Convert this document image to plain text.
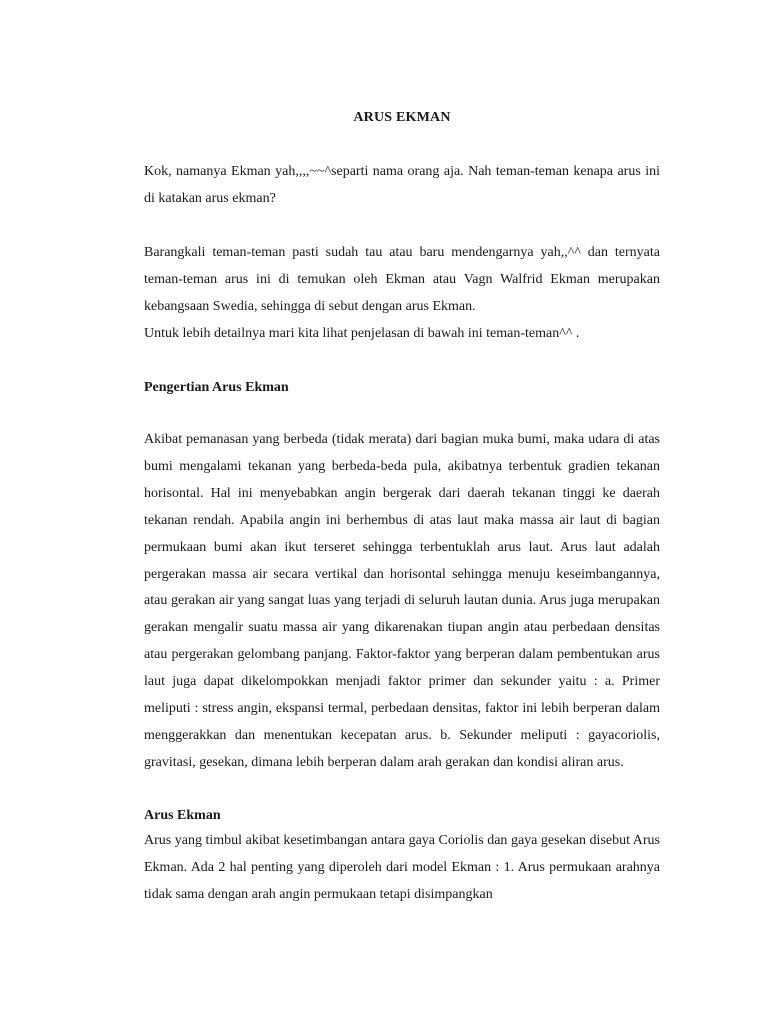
ARUS EKMAN

Kok, namanya Ekman yah,,,,~~^separti nama orang aja. Nah teman-teman kenapa arus ini di katakan arus ekman?

Barangkali teman-teman pasti sudah tau atau baru mendengarnya yah,,^^ dan ternyata teman-teman arus ini di temukan oleh Ekman atau Vagn Walfrid Ekman merupakan kebangsaan Swedia, sehingga di sebut dengan arus Ekman.

Untuk lebih detailnya mari kita lihat penjelasan di bawah ini teman-teman^^ .

Pengertian Arus Ekman

Akibat pemanasan yang berbeda (tidak merata) dari bagian muka bumi, maka udara di atas bumi mengalami tekanan yang berbeda-beda pula, akibatnya terbentuk gradien tekanan horisontal. Hal ini menyebabkan angin bergerak dari daerah tekanan tinggi ke daerah tekanan rendah. Apabila angin ini berhembus di atas laut maka massa air laut di bagian permukaan bumi akan ikut terseret sehingga terbentuklah arus laut. Arus laut adalah pergerakan massa air secara vertikal dan horisontal sehingga menuju keseimbangannya, atau gerakan air yang sangat luas yang terjadi di seluruh lautan dunia. Arus juga merupakan gerakan mengalir suatu massa air yang dikarenakan tiupan angin atau perbedaan densitas atau pergerakan gelombang panjang. Faktor-faktor yang berperan dalam pembentukan arus laut juga dapat dikelompokkan menjadi faktor primer dan sekunder yaitu : a. Primer meliputi : stress angin, ekspansi termal, perbedaan densitas, faktor ini lebih berperan dalam menggerakkan dan menentukan kecepatan arus. b. Sekunder meliputi : gayacoriolis, gravitasi, gesekan, dimana lebih berperan dalam arah gerakan dan kondisi aliran arus.

Arus Ekman

Arus yang timbul akibat kesetimbangan antara gaya Coriolis dan gaya gesekan disebut Arus Ekman. Ada 2 hal penting yang diperoleh dari model Ekman : 1. Arus permukaan arahnya tidak sama dengan arah angin permukaan tetapi disimpangkan
